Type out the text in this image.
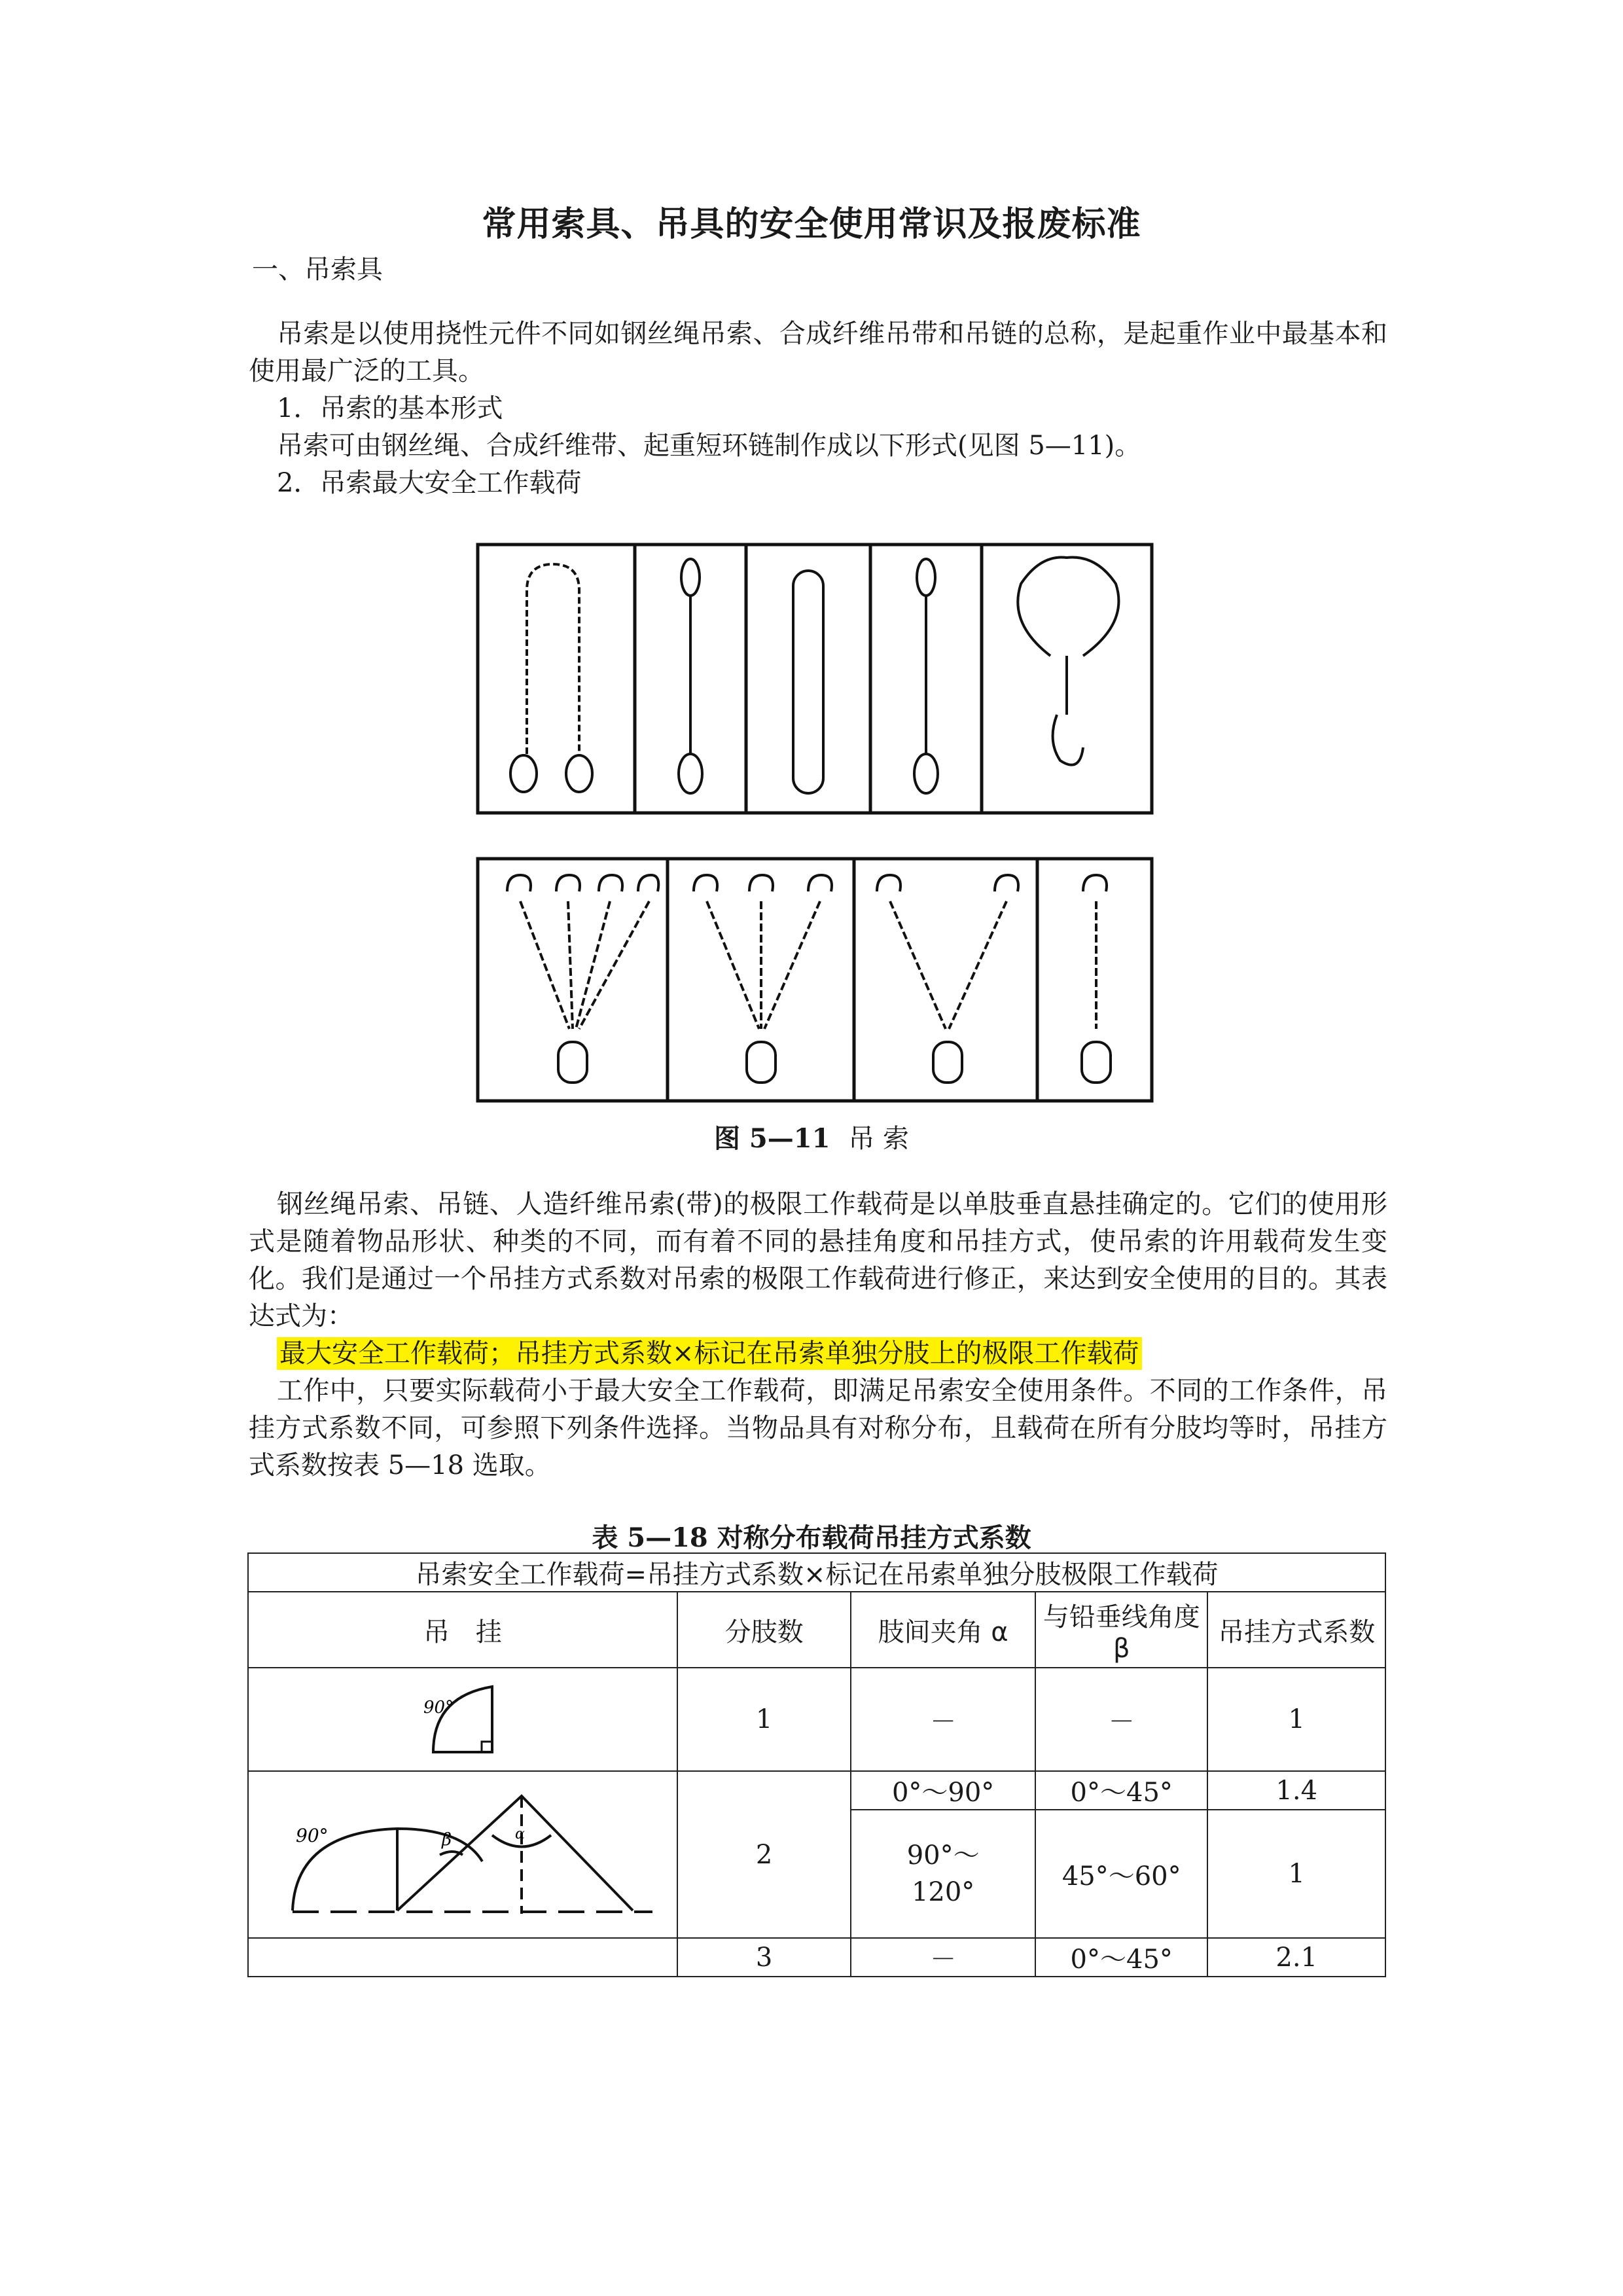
常用索具、吊具的安全使用常识及报废标准
一、吊索具
吊索是以使用挠性元件不同如钢丝绳吊索、合成纤维吊带和吊链的总称，是起重作业中最基本和使用最广泛的工具。
1．吊索的基本形式
吊索可由钢丝绳、合成纤维带、起重短环链制作成以下形式(见图 5—11)。
2．吊索最大安全工作载荷
图 5—11 吊 索
钢丝绳吊索、吊链、人造纤维吊索(带)的极限工作载荷是以单肢垂直悬挂确定的。它们的使用形式是随着物品形状、种类的不同，而有着不同的悬挂角度和吊挂方式，使吊索的许用载荷发生变化。我们是通过一个吊挂方式系数对吊索的极限工作载荷进行修正，来达到安全使用的目的。其表达式为：
最大安全工作载荷；吊挂方式系数×标记在吊索单独分肢上的极限工作载荷
工作中，只要实际载荷小于最大安全工作载荷，即满足吊索安全使用条件。不同的工作条件，吊挂方式系数不同，可参照下列条件选择。当物品具有对称分布，且载荷在所有分肢均等时，吊挂方式系数按表 5—18 选取。
表 5—18 对称分布载荷吊挂方式系数
吊索安全工作载荷=吊挂方式系数×标记在吊索单独分肢极限工作载荷				
吊　挂	分肢数	肢间夹角 α	与铅垂线角度 β	吊挂方式系数

90°	1	－	－	1

90° β α	2	0°～90°	0°～45°	1.4

		90°～120°	45°～60°	1
	3	－	0°～45°	2.1
